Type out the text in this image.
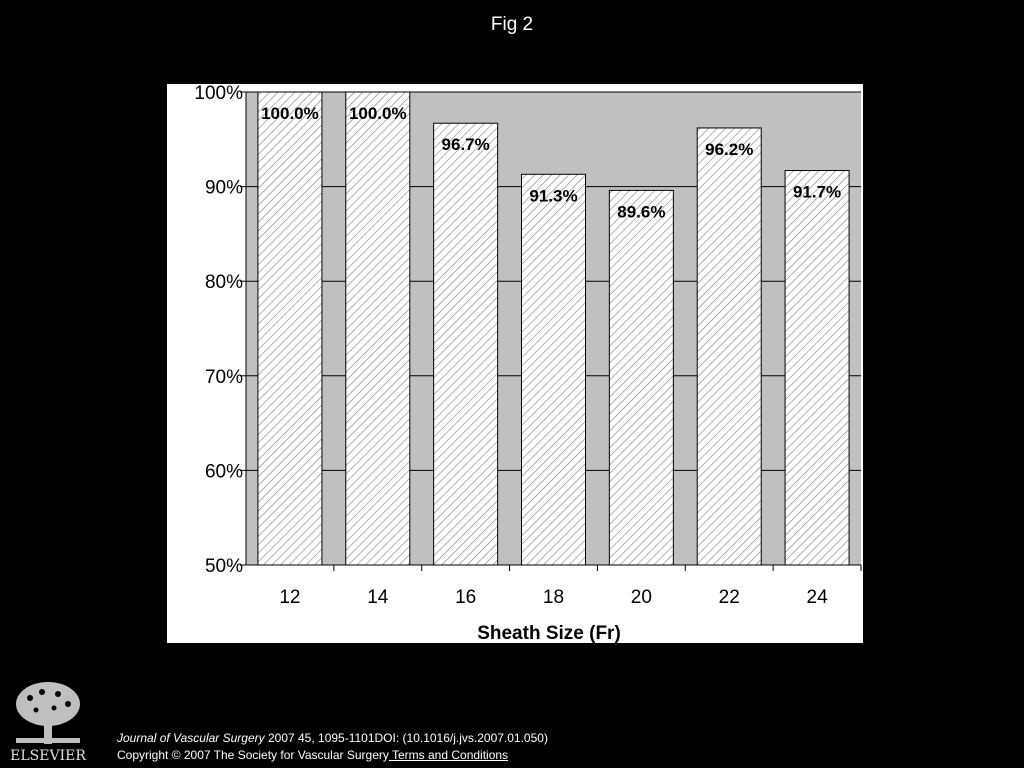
Fig 2
50%
60%
70%
80%
90%
100%
12
100.0%
14
100.0%
16
96.7%
18
91.3%
20
89.6%
22
96.2%
24
91.7%
Sheath Size (Fr)
ELSEVIER
Journal of Vascular Surgery 2007 45, 1095-1101DOI: (10.1016/j.jvs.2007.01.050)
Copyright © 2007 The Society for Vascular Surgery Terms and Conditions
